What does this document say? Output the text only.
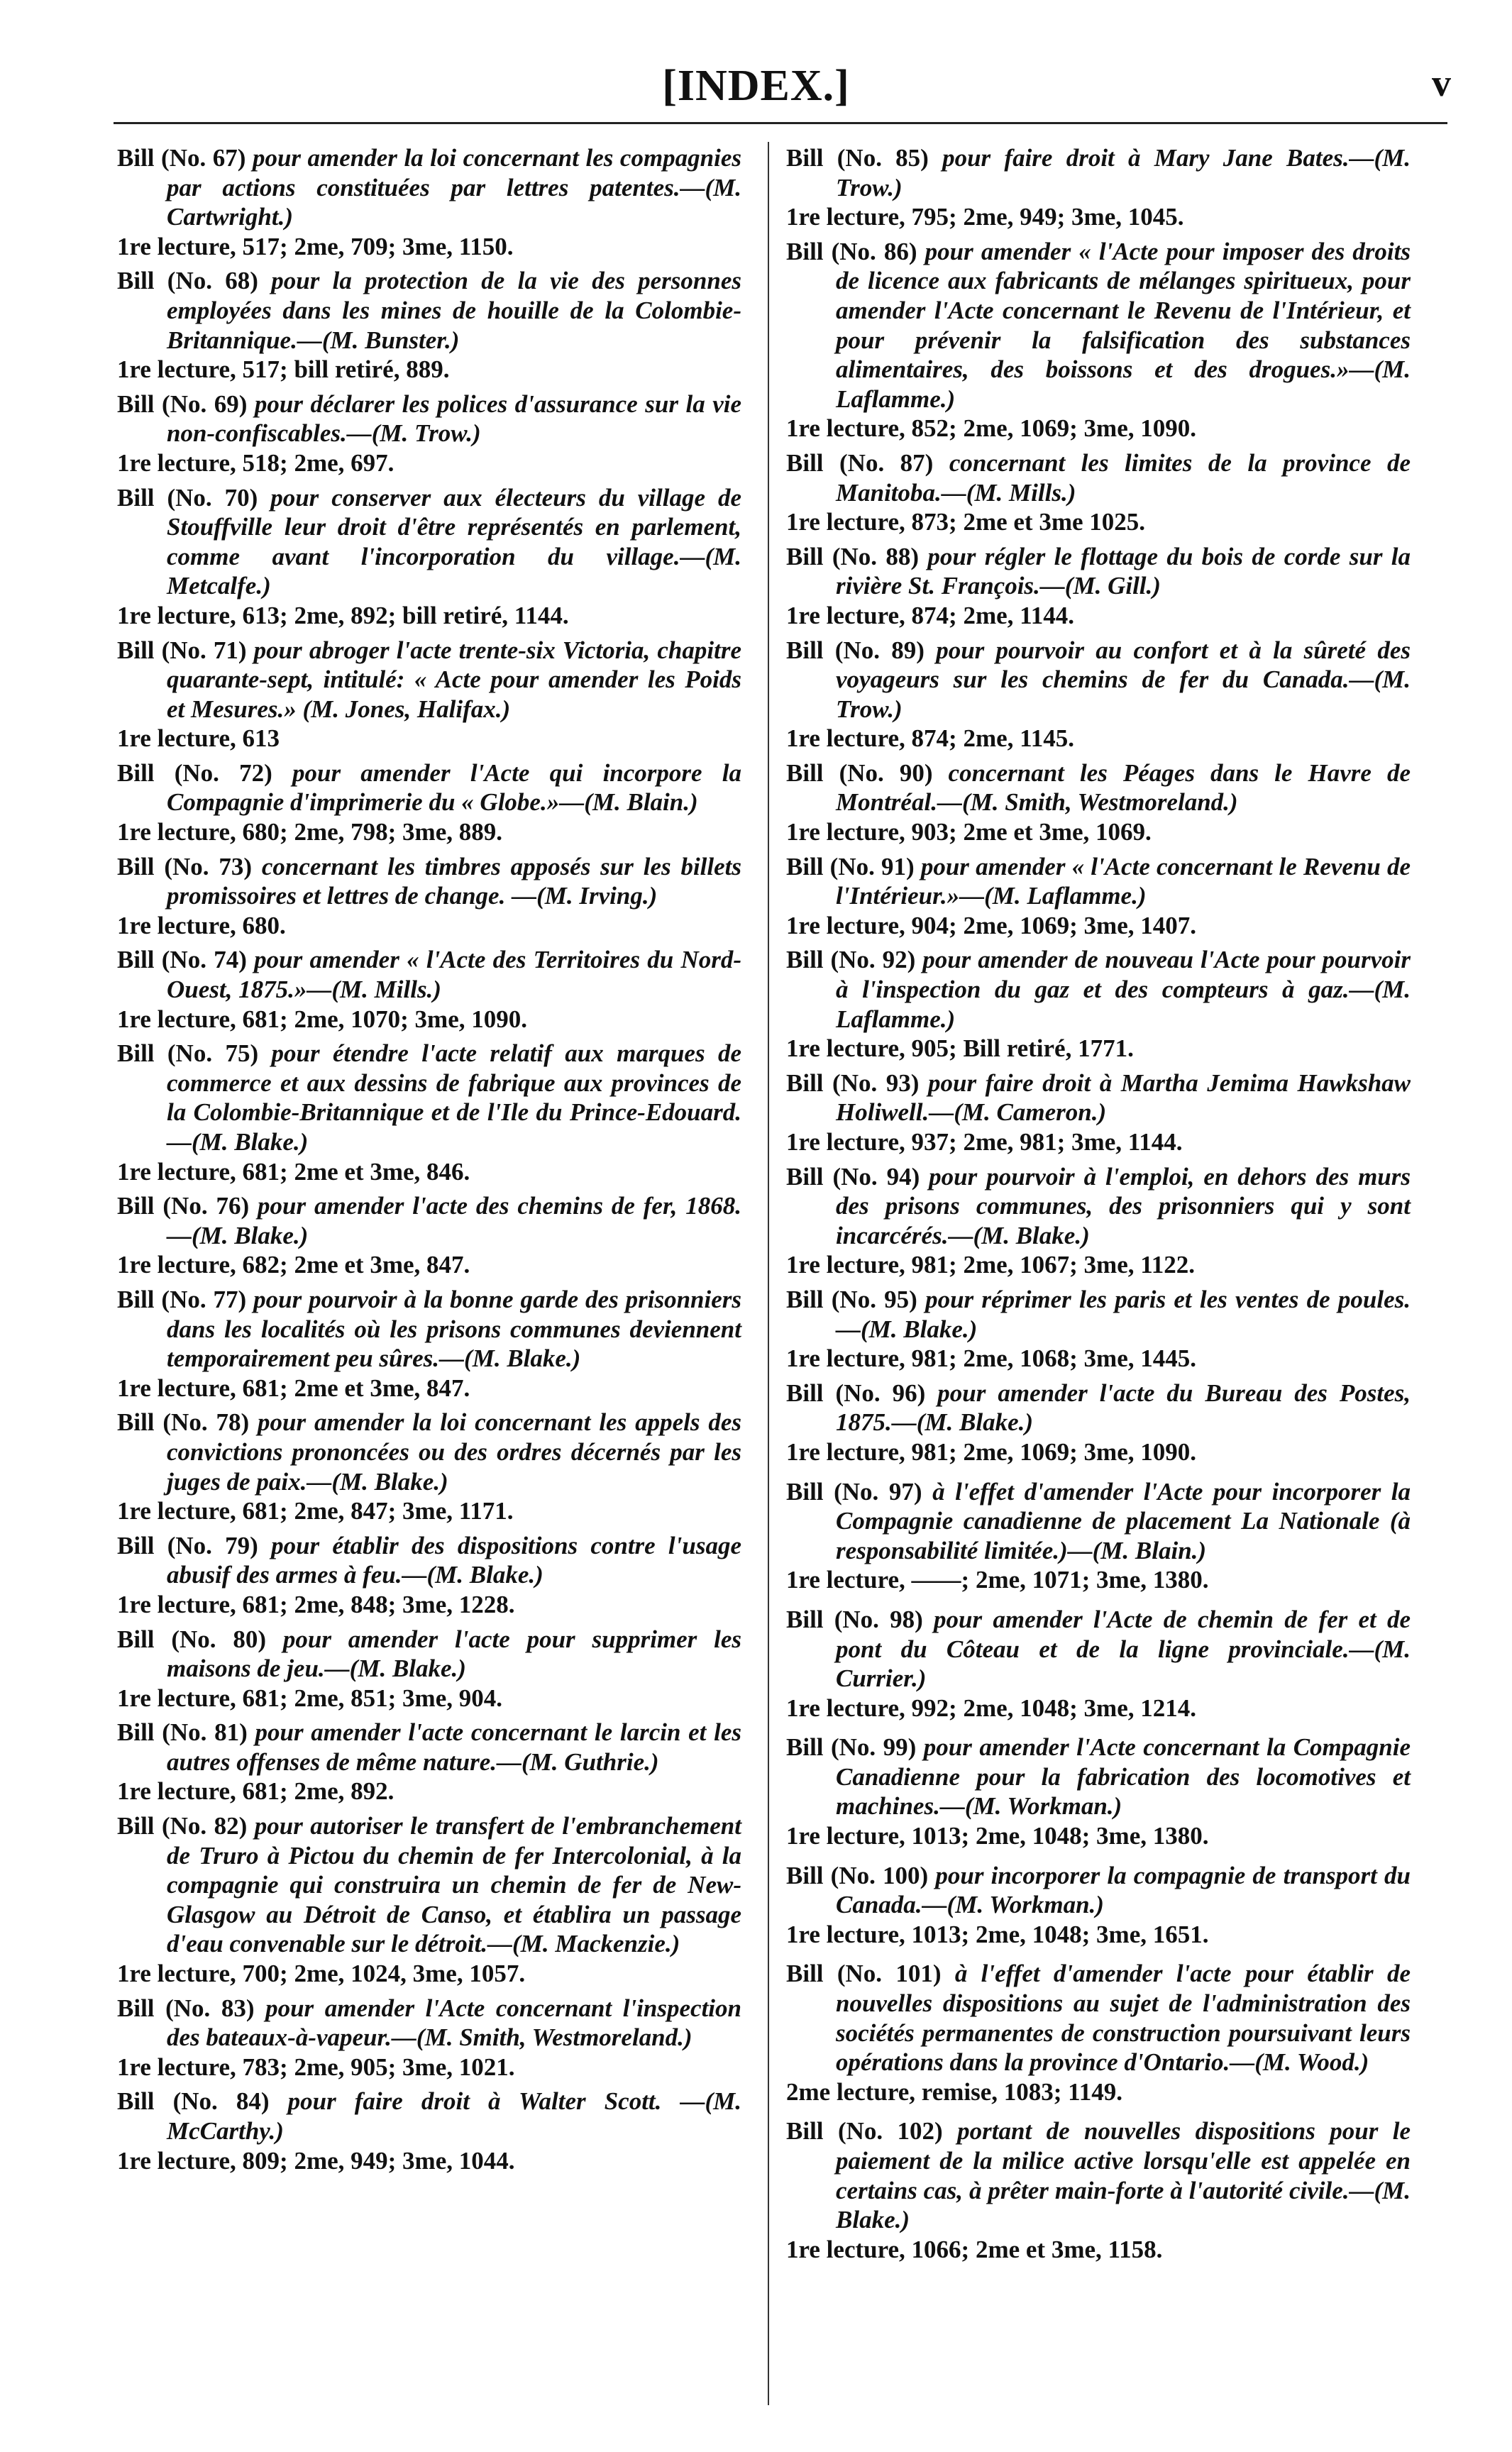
[INDEX.]	v
Bill (No. 67) pour amender la loi concernant les compagnies par actions constituées par lettres patentes.—(M. Cartwright.)
1re lecture, 517; 2me, 709; 3me, 1150.
Bill (No. 68) pour la protection de la vie des personnes employées dans les mines de houille de la Colombie-Britannique.—(M. Bunster.)
1re lecture, 517; bill retiré, 889.
Bill (No. 69) pour déclarer les polices d'assurance sur la vie non-confiscables.—(M. Trow.)
1re lecture, 518; 2me, 697.
Bill (No. 70) pour conserver aux électeurs du village de Stouffville leur droit d'être représentés en parlement, comme avant l'incorporation du village.—(M. Metcalfe.)
1re lecture, 613; 2me, 892; bill retiré, 1144.
Bill (No. 71) pour abroger l'acte trente-six Victoria, chapitre quarante-sept, intitulé: « Acte pour amender les Poids et Mesures.» (M. Jones, Halifax.)
1re lecture, 613
Bill (No. 72) pour amender l'Acte qui incorpore la Compagnie d'imprimerie du « Globe.»—(M. Blain.)
1re lecture, 680; 2me, 798; 3me, 889.
Bill (No. 73) concernant les timbres apposés sur les billets promissoires et lettres de change. —(M. Irving.)
1re lecture, 680.
Bill (No. 74) pour amender « l'Acte des Territoires du Nord-Ouest, 1875.»—(M. Mills.)
1re lecture, 681; 2me, 1070; 3me, 1090.
Bill (No. 75) pour étendre l'acte relatif aux marques de commerce et aux dessins de fabrique aux provinces de la Colombie-Britannique et de l'Ile du Prince-Edouard. —(M. Blake.)
1re lecture, 681; 2me et 3me, 846.
Bill (No. 76) pour amender l'acte des chemins de fer, 1868.—(M. Blake.)
1re lecture, 682; 2me et 3me, 847.
Bill (No. 77) pour pourvoir à la bonne garde des prisonniers dans les localités où les prisons communes deviennent temporairement peu sûres.—(M. Blake.)
1re lecture, 681; 2me et 3me, 847.
Bill (No. 78) pour amender la loi concernant les appels des convictions prononcées ou des ordres décernés par les juges de paix.—(M. Blake.)
1re lecture, 681; 2me, 847; 3me, 1171.
Bill (No. 79) pour établir des dispositions contre l'usage abusif des armes à feu.—(M. Blake.)
1re lecture, 681; 2me, 848; 3me, 1228.
Bill (No. 80) pour amender l'acte pour supprimer les maisons de jeu.—(M. Blake.)
1re lecture, 681; 2me, 851; 3me, 904.
Bill (No. 81) pour amender l'acte concernant le larcin et les autres offenses de même nature.—(M. Guthrie.)
1re lecture, 681; 2me, 892.
Bill (No. 82) pour autoriser le transfert de l'embranchement de Truro à Pictou du chemin de fer Intercolonial, à la compagnie qui construira un chemin de fer de New-Glasgow au Détroit de Canso, et établira un passage d'eau convenable sur le détroit.—(M. Mackenzie.)
1re lecture, 700; 2me, 1024, 3me, 1057.
Bill (No. 83) pour amender l'Acte concernant l'inspection des bateaux-à-vapeur.—(M. Smith, Westmoreland.)
1re lecture, 783; 2me, 905; 3me, 1021.
Bill (No. 84) pour faire droit à Walter Scott. —(M. McCarthy.)
1re lecture, 809; 2me, 949; 3me, 1044.
Bill (No. 85) pour faire droit à Mary Jane Bates.—(M. Trow.)
1re lecture, 795; 2me, 949; 3me, 1045.
Bill (No. 86) pour amender « l'Acte pour imposer des droits de licence aux fabricants de mélanges spiritueux, pour amender l'Acte concernant le Revenu de l'Intérieur, et pour prévenir la falsification des substances alimentaires, des boissons et des drogues.»—(M. Laflamme.)
1re lecture, 852; 2me, 1069; 3me, 1090.
Bill (No. 87) concernant les limites de la province de Manitoba.—(M. Mills.)
1re lecture, 873; 2me et 3me 1025.
Bill (No. 88) pour régler le flottage du bois de corde sur la rivière St. François.—(M. Gill.)
1re lecture, 874; 2me, 1144.
Bill (No. 89) pour pourvoir au confort et à la sûreté des voyageurs sur les chemins de fer du Canada.—(M. Trow.)
1re lecture, 874; 2me, 1145.
Bill (No. 90) concernant les Péages dans le Havre de Montréal.—(M. Smith, Westmoreland.)
1re lecture, 903; 2me et 3me, 1069.
Bill (No. 91) pour amender « l'Acte concernant le Revenu de l'Intérieur.»—(M. Laflamme.)
1re lecture, 904; 2me, 1069; 3me, 1407.
Bill (No. 92) pour amender de nouveau l'Acte pour pourvoir à l'inspection du gaz et des compteurs à gaz.—(M. Laflamme.)
1re lecture, 905; Bill retiré, 1771.
Bill (No. 93) pour faire droit à Martha Jemima Hawkshaw Holiwell.—(M. Cameron.)
1re lecture, 937; 2me, 981; 3me, 1144.
Bill (No. 94) pour pourvoir à l'emploi, en dehors des murs des prisons communes, des prisonniers qui y sont incarcérés.—(M. Blake.)
1re lecture, 981; 2me, 1067; 3me, 1122.
Bill (No. 95) pour réprimer les paris et les ventes de poules.—(M. Blake.)
1re lecture, 981; 2me, 1068; 3me, 1445.
Bill (No. 96) pour amender l'acte du Bureau des Postes, 1875.—(M. Blake.)
1re lecture, 981; 2me, 1069; 3me, 1090.
Bill (No. 97) à l'effet d'amender l'Acte pour incorporer la Compagnie canadienne de placement La Nationale (à responsabilité limitée.)—(M. Blain.)
1re lecture, ——; 2me, 1071; 3me, 1380.
Bill (No. 98) pour amender l'Acte de chemin de fer et de pont du Côteau et de la ligne provinciale.—(M. Currier.)
1re lecture, 992; 2me, 1048; 3me, 1214.
Bill (No. 99) pour amender l'Acte concernant la Compagnie Canadienne pour la fabrication des locomotives et machines.—(M. Workman.)
1re lecture, 1013; 2me, 1048; 3me, 1380.
Bill (No. 100) pour incorporer la compagnie de transport du Canada.—(M. Workman.)
1re lecture, 1013; 2me, 1048; 3me, 1651.
Bill (No. 101) à l'effet d'amender l'acte pour établir de nouvelles dispositions au sujet de l'administration des sociétés permanentes de construction poursuivant leurs opérations dans la province d'Ontario.—(M. Wood.)
2me lecture, remise, 1083; 1149.
Bill (No. 102) portant de nouvelles dispositions pour le paiement de la milice active lorsqu'elle est appelée en certains cas, à prêter main-forte à l'autorité civile.—(M. Blake.)
1re lecture, 1066; 2me et 3me, 1158.
